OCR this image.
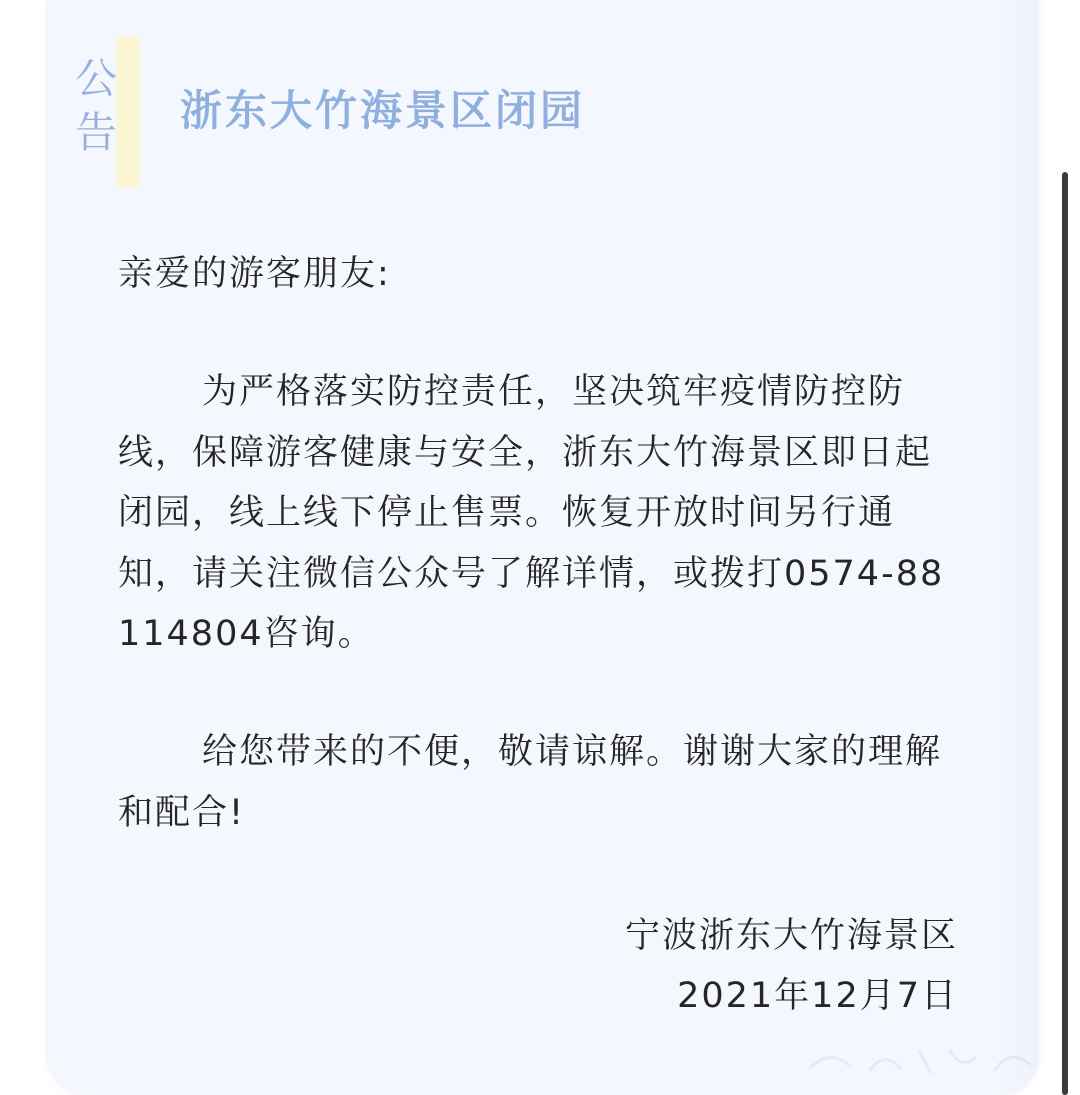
公告 浙东大竹海景区闭园
亲爱的游客朋友:
为严格落实防控责任，坚决筑牢疫情防控防线，保障游客健康与安全，浙东大竹海景区即日起闭园，线上线下停止售票。恢复开放时间另行通知，请关注微信公众号了解详情，或拨打0574-88114804咨询。
给您带来的不便，敬请谅解。谢谢大家的理解和配合!
宁波浙东大竹海景区
2021年12月7日
